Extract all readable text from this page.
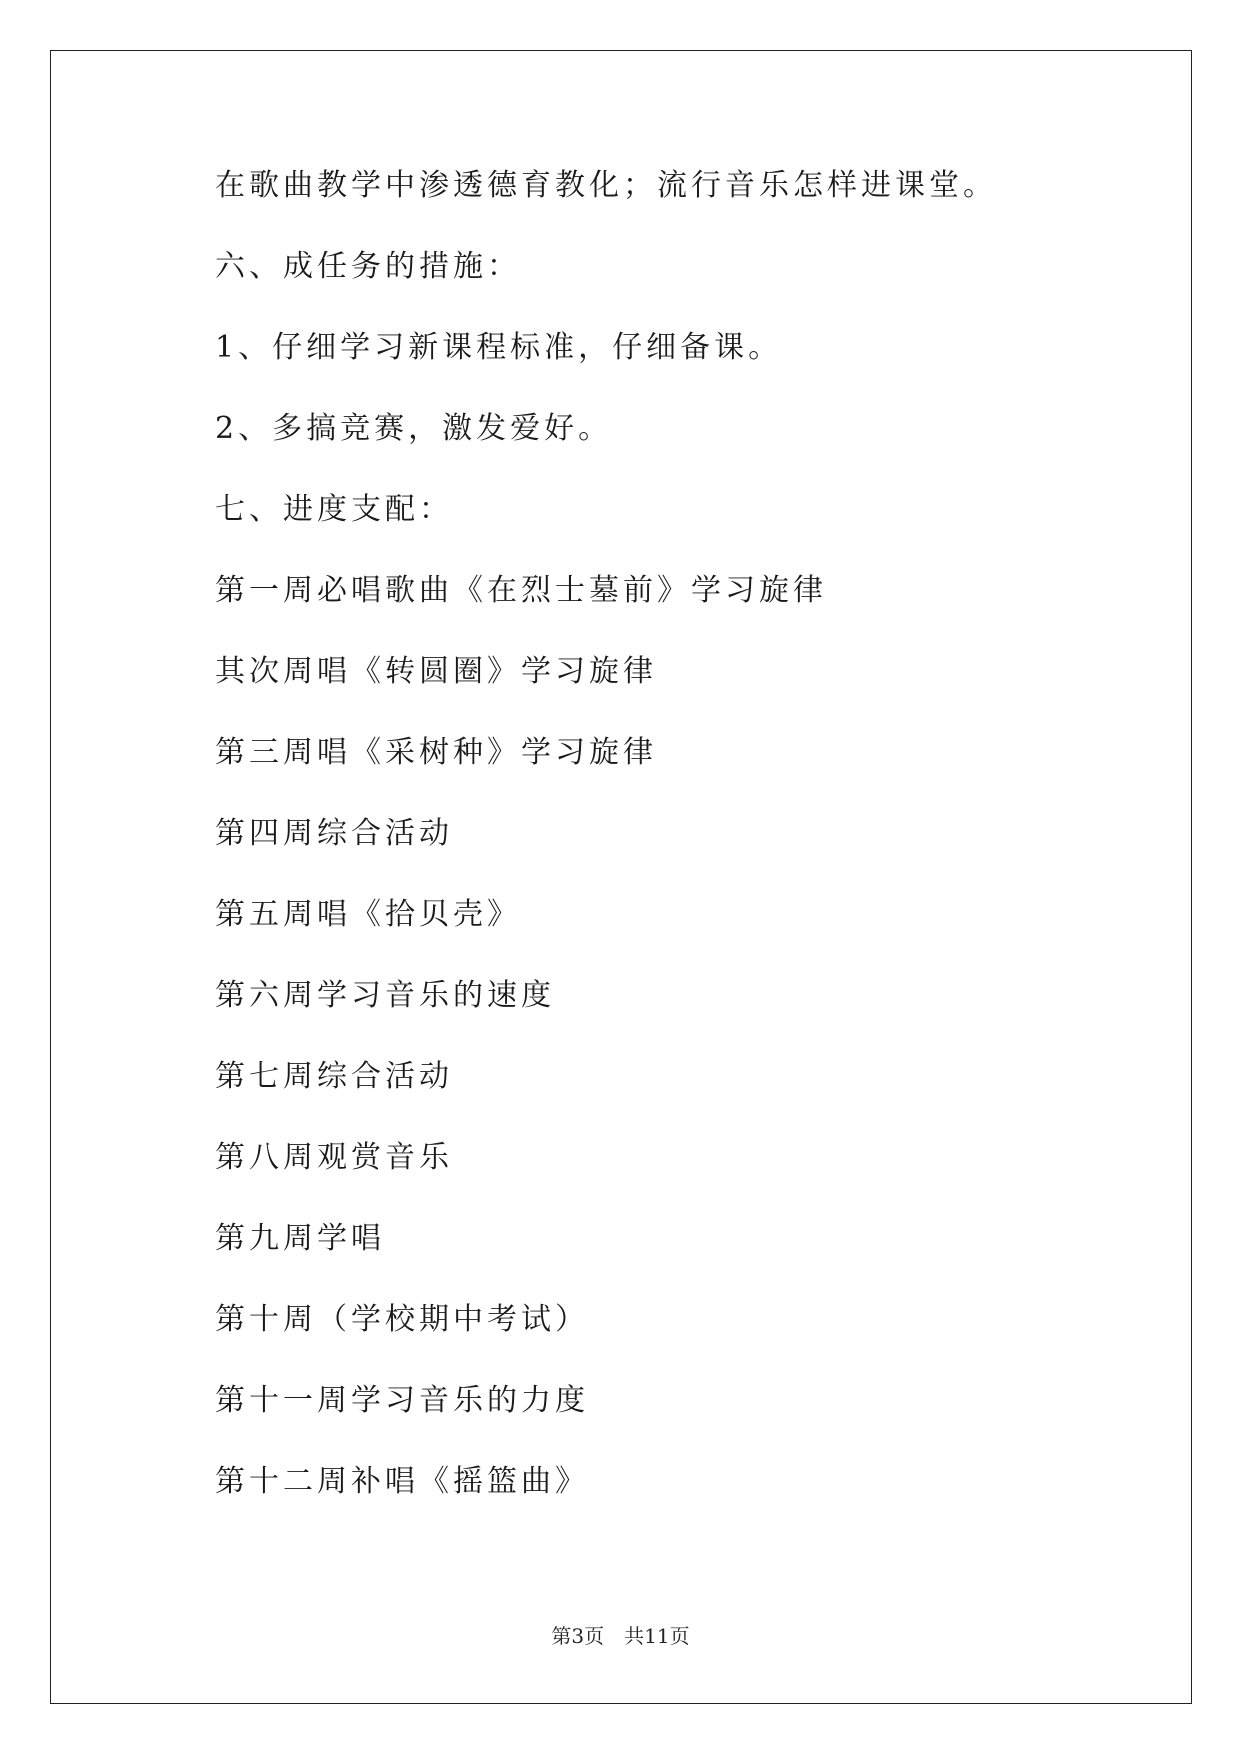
在歌曲教学中渗透德育教化；流行音乐怎样进课堂。
六、成任务的措施：
1、仔细学习新课程标准，仔细备课。
2、多搞竞赛，激发爱好。
七、进度支配：
第一周必唱歌曲《在烈士墓前》学习旋律
其次周唱《转圆圈》学习旋律
第三周唱《采树种》学习旋律
第四周综合活动
第五周唱《拾贝壳》
第六周学习音乐的速度
第七周综合活动
第八周观赏音乐
第九周学唱
第十周（学校期中考试）
第十一周学习音乐的力度
第十二周补唱《摇篮曲》
第3页 共11页
